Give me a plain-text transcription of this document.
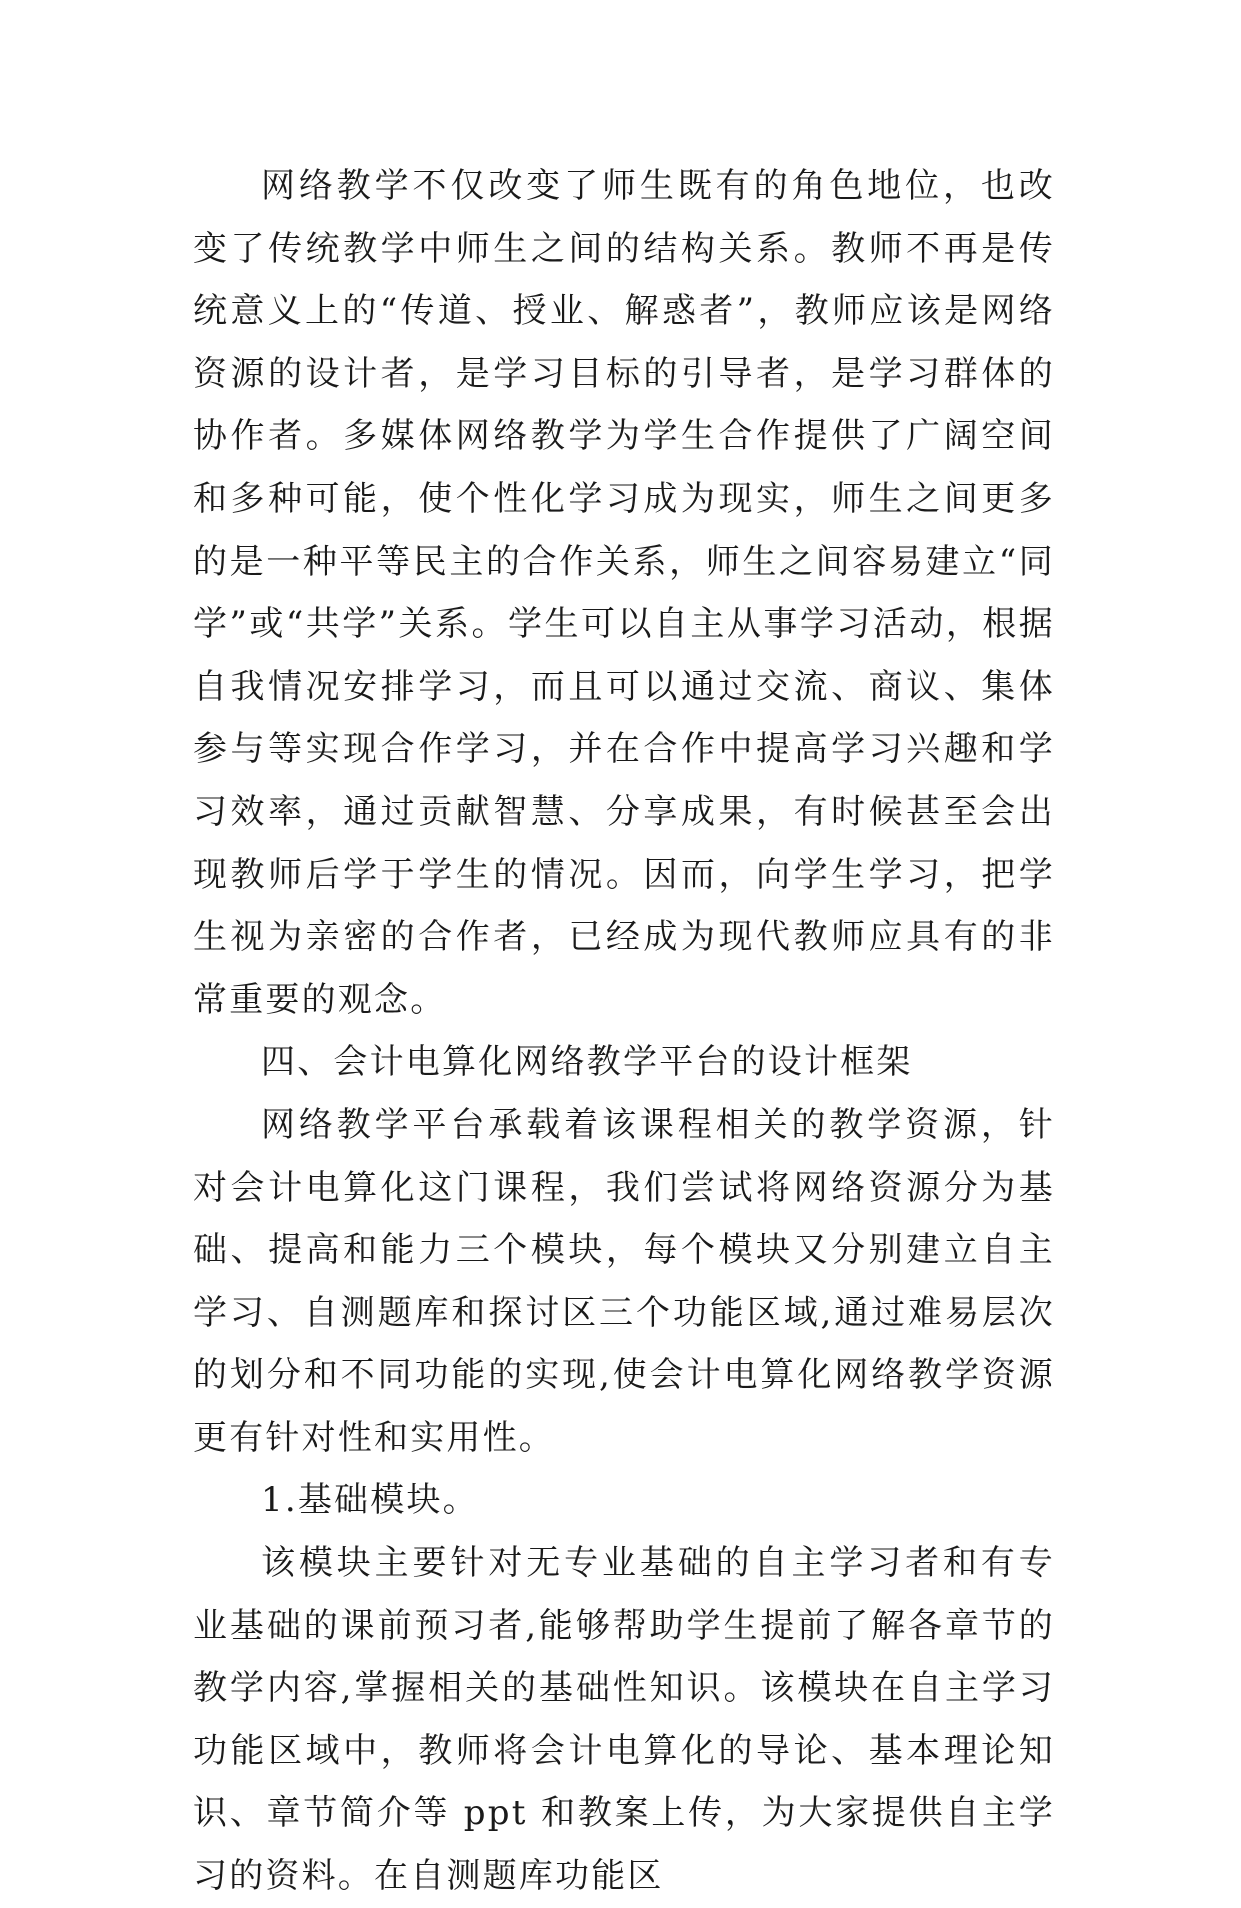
网络教学不仅改变了师生既有的角色地位，也改变了传统教学中师生之间的结构关系。教师不再是传统意义上的“传道、授业、解惑者”，教师应该是网络资源的设计者，是学习目标的引导者，是学习群体的协作者。多媒体网络教学为学生合作提供了广阔空间和多种可能，使个性化学习成为现实，师生之间更多的是一种平等民主的合作关系，师生之间容易建立“同学”或“共学”关系。学生可以自主从事学习活动，根据自我情况安排学习，而且可以通过交流、商议、集体参与等实现合作学习，并在合作中提高学习兴趣和学习效率，通过贡献智慧、分享成果，有时候甚至会出现教师后学于学生的情况。因而，向学生学习，把学生视为亲密的合作者，已经成为现代教师应具有的非常重要的观念。

四、会计电算化网络教学平台的设计框架

网络教学平台承载着该课程相关的教学资源，针对会计电算化这门课程，我们尝试将网络资源分为基础、提高和能力三个模块，每个模块又分别建立自主学习、自测题库和探讨区三个功能区域,通过难易层次的划分和不同功能的实现,使会计电算化网络教学资源更有针对性和实用性。

1.基础模块。

该模块主要针对无专业基础的自主学习者和有专业基础的课前预习者,能够帮助学生提前了解各章节的教学内容,掌握相关的基础性知识。该模块在自主学习功能区域中，教师将会计电算化的导论、基本理论知识、章节简介等 ppt 和教案上传，为大家提供自主学习的资料。在自测题库功能区
